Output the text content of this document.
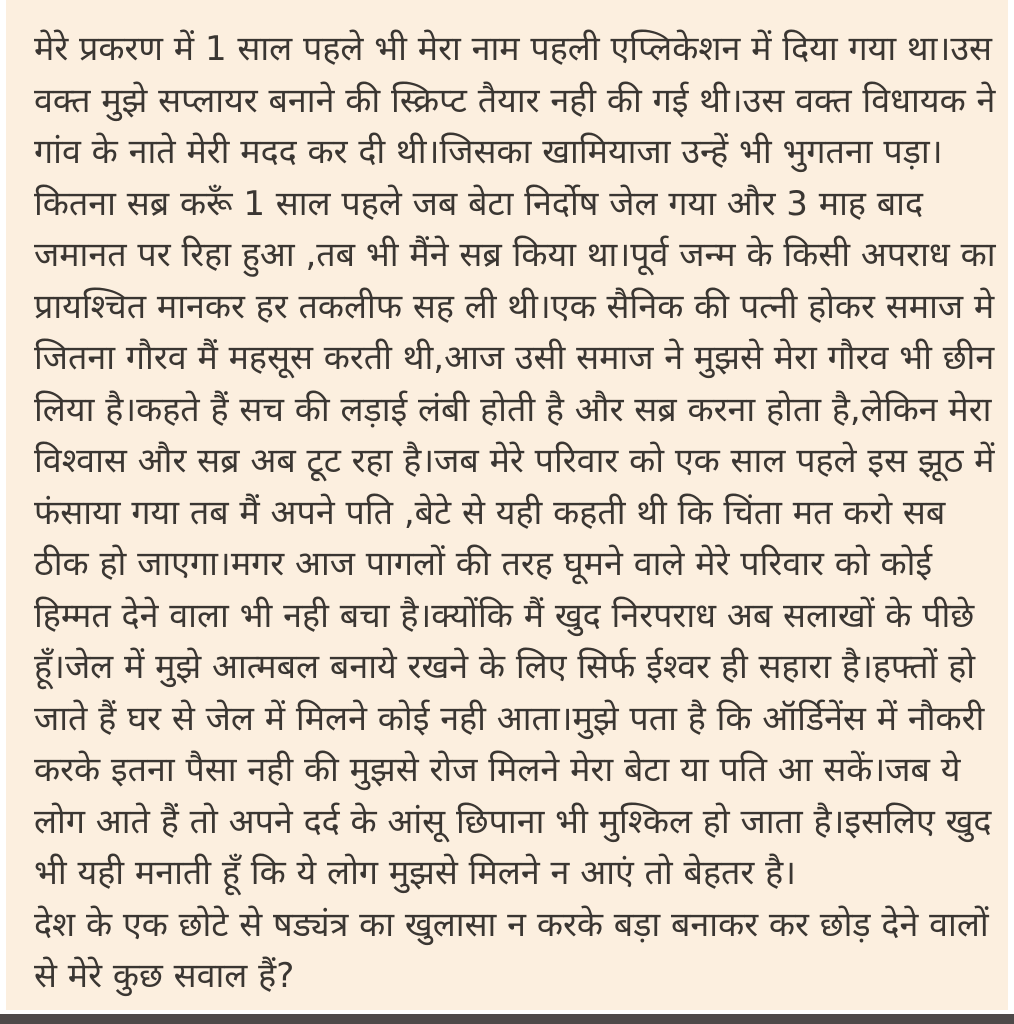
मेरे प्रकरण में 1 साल पहले भी मेरा नाम पहली एप्लिकेशन में दिया गया था।उस
वक्त मुझे सप्लायर बनाने की स्क्रिप्ट तैयार नही की गई थी।उस वक्त विधायक ने
गांव के नाते मेरी मदद कर दी थी।जिसका खामियाजा उन्हें भी भुगतना पड़ा।
कितना सब्र करूँ 1 साल पहले जब बेटा निर्दोष जेल गया और 3 माह बाद
जमानत पर रिहा हुआ ,तब भी मैंने सब्र किया था।पूर्व जन्म के किसी अपराध का
प्रायश्चित मानकर हर तकलीफ सह ली थी।एक सैनिक की पत्नी होकर समाज मे
जितना गौरव मैं महसूस करती थी,आज उसी समाज ने मुझसे मेरा गौरव भी छीन
लिया है।कहते हैं सच की लड़ाई लंबी होती है और सब्र करना होता है,लेकिन मेरा
विश्वास और सब्र अब टूट रहा है।जब मेरे परिवार को एक साल पहले इस झूठ में
फंसाया गया तब मैं अपने पति ,बेटे से यही कहती थी कि चिंता मत करो सब
ठीक हो जाएगा।मगर आज पागलों की तरह घूमने वाले मेरे परिवार को कोई
हिम्मत देने वाला भी नही बचा है।क्योंकि मैं खुद निरपराध अब सलाखों के पीछे
हूँ।जेल में मुझे आत्मबल बनाये रखने के लिए सिर्फ ईश्वर ही सहारा है।हफ्तों हो
जाते हैं घर से जेल में मिलने कोई नही आता।मुझे पता है कि ऑर्डिनेंस में नौकरी
करके इतना पैसा नही की मुझसे रोज मिलने मेरा बेटा या पति आ सकें।जब ये
लोग आते हैं तो अपने दर्द के आंसू छिपाना भी मुश्किल हो जाता है।इसलिए खुद
भी यही मनाती हूँ कि ये लोग मुझसे मिलने न आएं तो बेहतर है।
देश के एक छोटे से षड्यंत्र का खुलासा न करके बड़ा बनाकर कर छोड़ देने वालों
से मेरे कुछ सवाल हैं?
